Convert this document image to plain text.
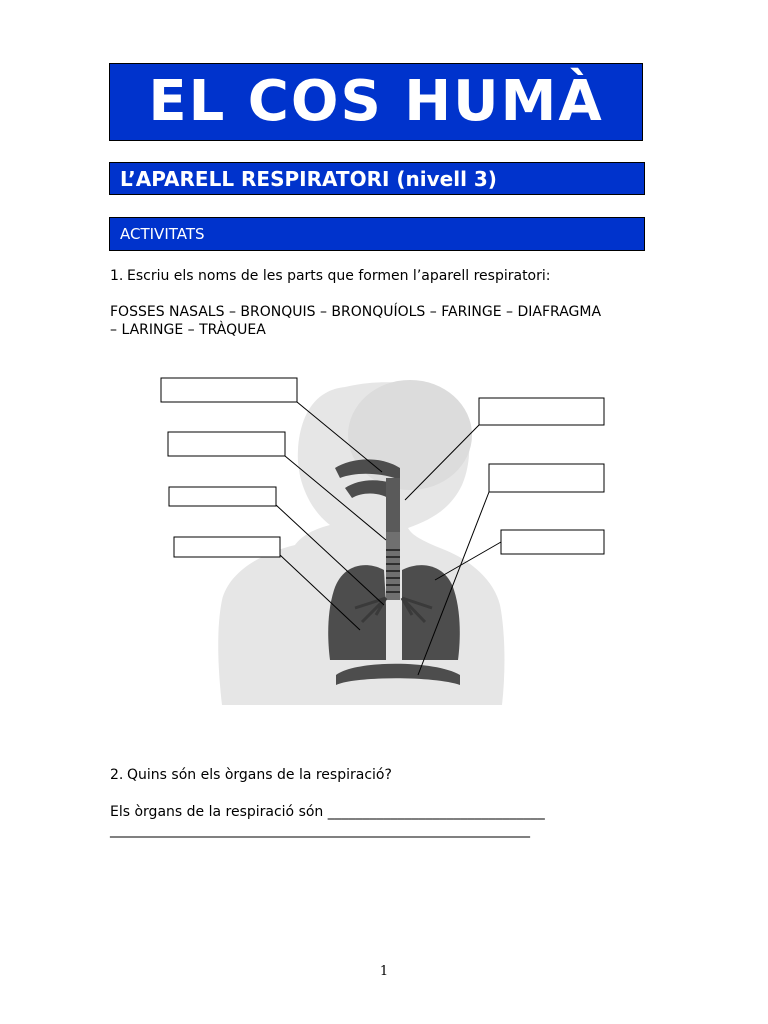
EL COS HUMÀ
L’APARELL RESPIRATORI (nivell 3)
ACTIVITATS
1. Escriu els noms de les parts que formen l’aparell respiratori:
FOSSES NASALS – BRONQUIS – BRONQUÍOLS – FARINGE – DIAFRAGMA
– LARINGE – TRÀQUEA
2. Quins són els òrgans de la respiració?
Els òrgans de la respiració són _______________________________
____________________________________________________________
1
